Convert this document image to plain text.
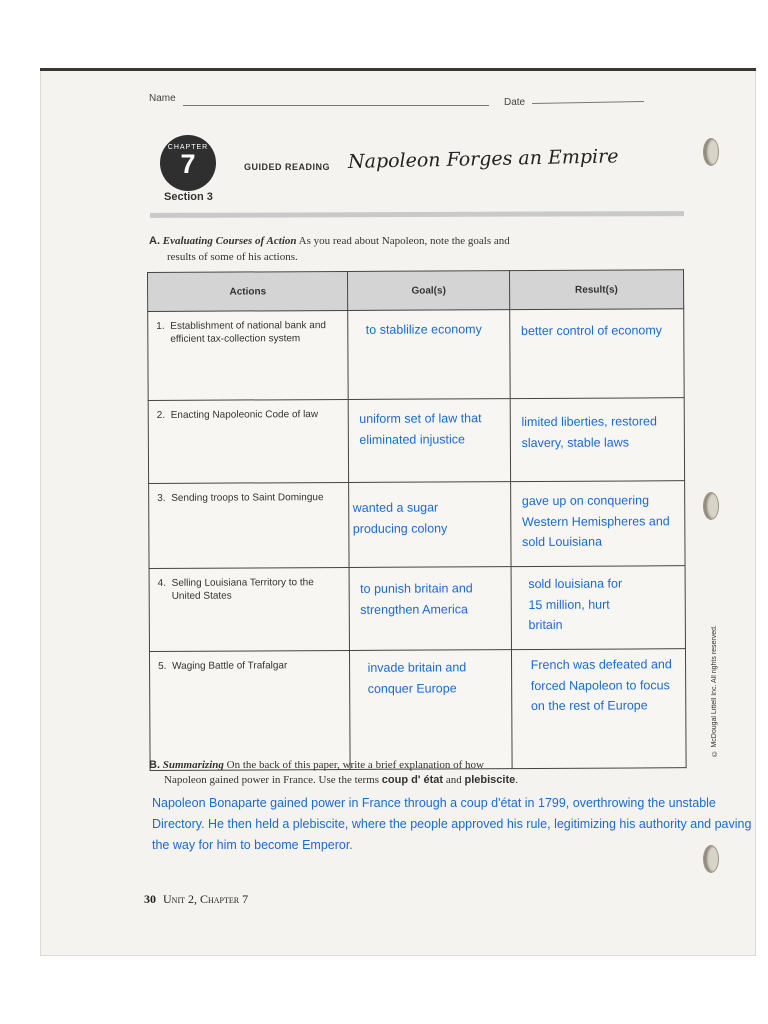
Name	Date
CHAPTER
7
Section 3
GUIDED READING Napoleon Forges an Empire
A. Evaluating Courses of Action As you read about Napoleon, note the goals and
results of some of his actions.
Actions	Goal(s)	Result(s)
1. Establishment of national bank and efficient tax-collection system	to stablilize economy	better control of economy

2. Enacting Napoleonic Code of law	uniform set of law that eliminated injustice	limited liberties, restored slavery, stable laws

3. Sending troops to Saint Domingue	wanted a sugar producing colony	gave up on conquering Western Hemispheres and sold Louisiana

4. Selling Louisiana Territory to the United States	to punish britain and strengthen America	sold louisiana for 15 million, hurt britain

5. Waging Battle of Trafalgar	invade britain and conquer Europe	French was defeated and forced Napoleon to focus on the rest of Europe	© McDougal Littell Inc. All rights reserved.
B. Summarizing On the back of this paper, write a brief explanation of how
Napoleon gained power in France. Use the terms coup d' état and plebiscite.
Napoleon Bonaparte gained power in France through a coup d'état in 1799, overthrowing the unstable Directory. He then held a plebiscite, where the people approved his rule, legitimizing his authority and paving the way for him to become Emperor.
30 Unit 2, Chapter 7
